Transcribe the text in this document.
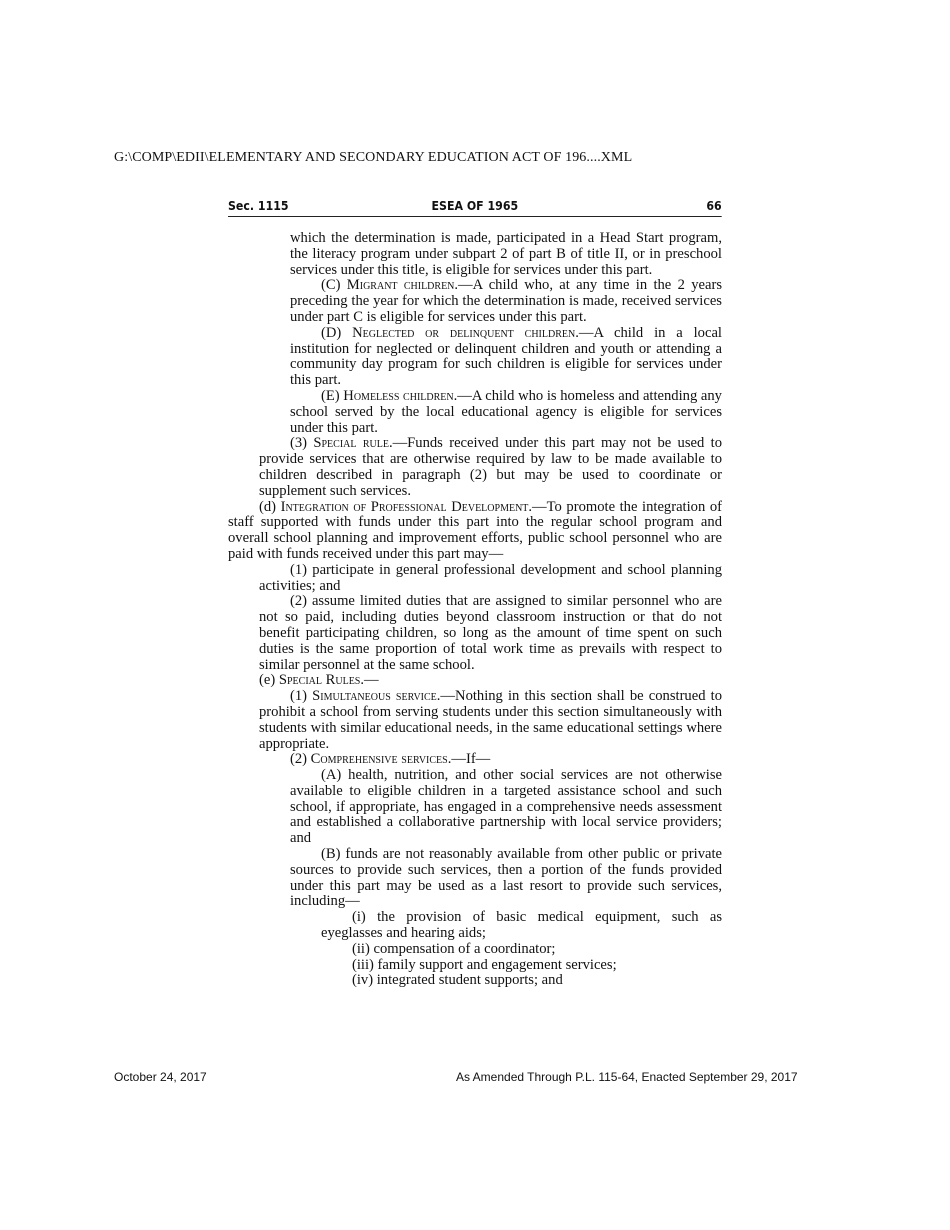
G:\COMP\EDII\ELEMENTARY AND SECONDARY EDUCATION ACT OF 196....XML
Sec. 1115	ESEA OF 1965	66

which the determination is made, participated in a Head Start program, the literacy program under subpart 2 of part B of title II, or in preschool services under this title, is eligible for services under this part.

(C) Migrant children.—A child who, at any time in the 2 years preceding the year for which the determination is made, received services under part C is eligible for services under this part.

(D) Neglected or delinquent children.—A child in a local institution for neglected or delinquent children and youth or attending a community day program for such children is eligible for services under this part.

(E) Homeless children.—A child who is homeless and attending any school served by the local educational agency is eligible for services under this part.

(3) Special rule.—Funds received under this part may not be used to provide services that are otherwise required by law to be made available to children described in paragraph (2) but may be used to coordinate or supplement such services.

(d) Integration of Professional Development.—To promote the integration of staff supported with funds under this part into the regular school program and overall school planning and improvement efforts, public school personnel who are paid with funds received under this part may—

(1) participate in general professional development and school planning activities; and

(2) assume limited duties that are assigned to similar personnel who are not so paid, including duties beyond classroom instruction or that do not benefit participating children, so long as the amount of time spent on such duties is the same proportion of total work time as prevails with respect to similar personnel at the same school.

(e) Special Rules.—

(1) Simultaneous service.—Nothing in this section shall be construed to prohibit a school from serving students under this section simultaneously with students with similar educational needs, in the same educational settings where appropriate.

(2) Comprehensive services.—If—

(A) health, nutrition, and other social services are not otherwise available to eligible children in a targeted assistance school and such school, if appropriate, has engaged in a comprehensive needs assessment and established a collaborative partnership with local service providers; and

(B) funds are not reasonably available from other public or private sources to provide such services, then a portion of the funds provided under this part may be used as a last resort to provide such services, including—

(i) the provision of basic medical equipment, such as eyeglasses and hearing aids;

(ii) compensation of a coordinator;

(iii) family support and engagement services;

(iv) integrated student supports; and

October 24, 2017	As Amended Through P.L. 115-64, Enacted September 29, 2017
